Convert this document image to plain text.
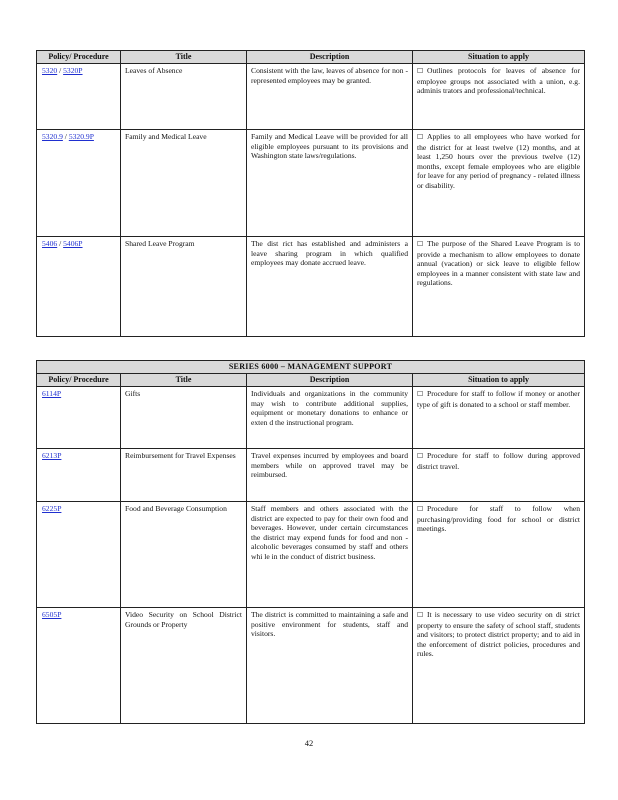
Policy/ Procedure	Title	Description	Situation to apply
5320 / 5320P	Leaves of Absence	Consistent with the law, leaves of absence for non - represented employees may be granted.	☐ Outlines protocols for leaves of absence for employee groups not associated with a union, e.g. adminis trators and professional/technical.
5320.9 / 5320.9P	Family and Medical Leave	Family and Medical Leave will be provided for all eligible employees pursuant to its provisions and Washington state laws/regulations.	☐ Applies to all employees who have worked for the district for at least twelve (12) months, and at least 1,250 hours over the previous twelve (12) months, except female employees who are eligible for leave for any period of pregnancy - related illness or disability.
5406 / 5406P	Shared Leave Program	The dist rict has established and administers a leave sharing program in which qualified employees may donate accrued leave.	☐ The purpose of the Shared Leave Program is to provide a mechanism to allow employees to donate annual (vacation) or sick leave to eligible fellow employees in a manner consistent with state law and regulations.
SERIES 6000 – MANAGEMENT SUPPORT			
Policy/ Procedure	Title	Description	Situation to apply
6114P	Gifts	Individuals and organizations in the community may wish to contribute additional supplies, equipment or monetary donations to enhance or exten d the instructional program.	☐ Procedure for staff to follow if money or another type of gift is donated to a school or staff member.
6213P	Reimbursement for Travel Expenses	Travel expenses incurred by employees and board members while on approved travel may be reimbursed.	☐ Procedure for staff to follow during approved district travel.
6225P	Food and Beverage Consumption	Staff members and others associated with the district are expected to pay for their own food and beverages. However, under certain circumstances the district may expend funds for food and non - alcoholic beverages consumed by staff and others whi le in the conduct of district business.	☐ Procedure for staff to follow when purchasing/providing food for school or district meetings.
6505P	Video Security on School District Grounds or Property	The district is committed to maintaining a safe and positive environment for students, staff and visitors.	☐ It is necessary to use video security on di strict property to ensure the safety of school staff, students and visitors; to protect district property; and to aid in the enforcement of district policies, procedures and rules.
42
